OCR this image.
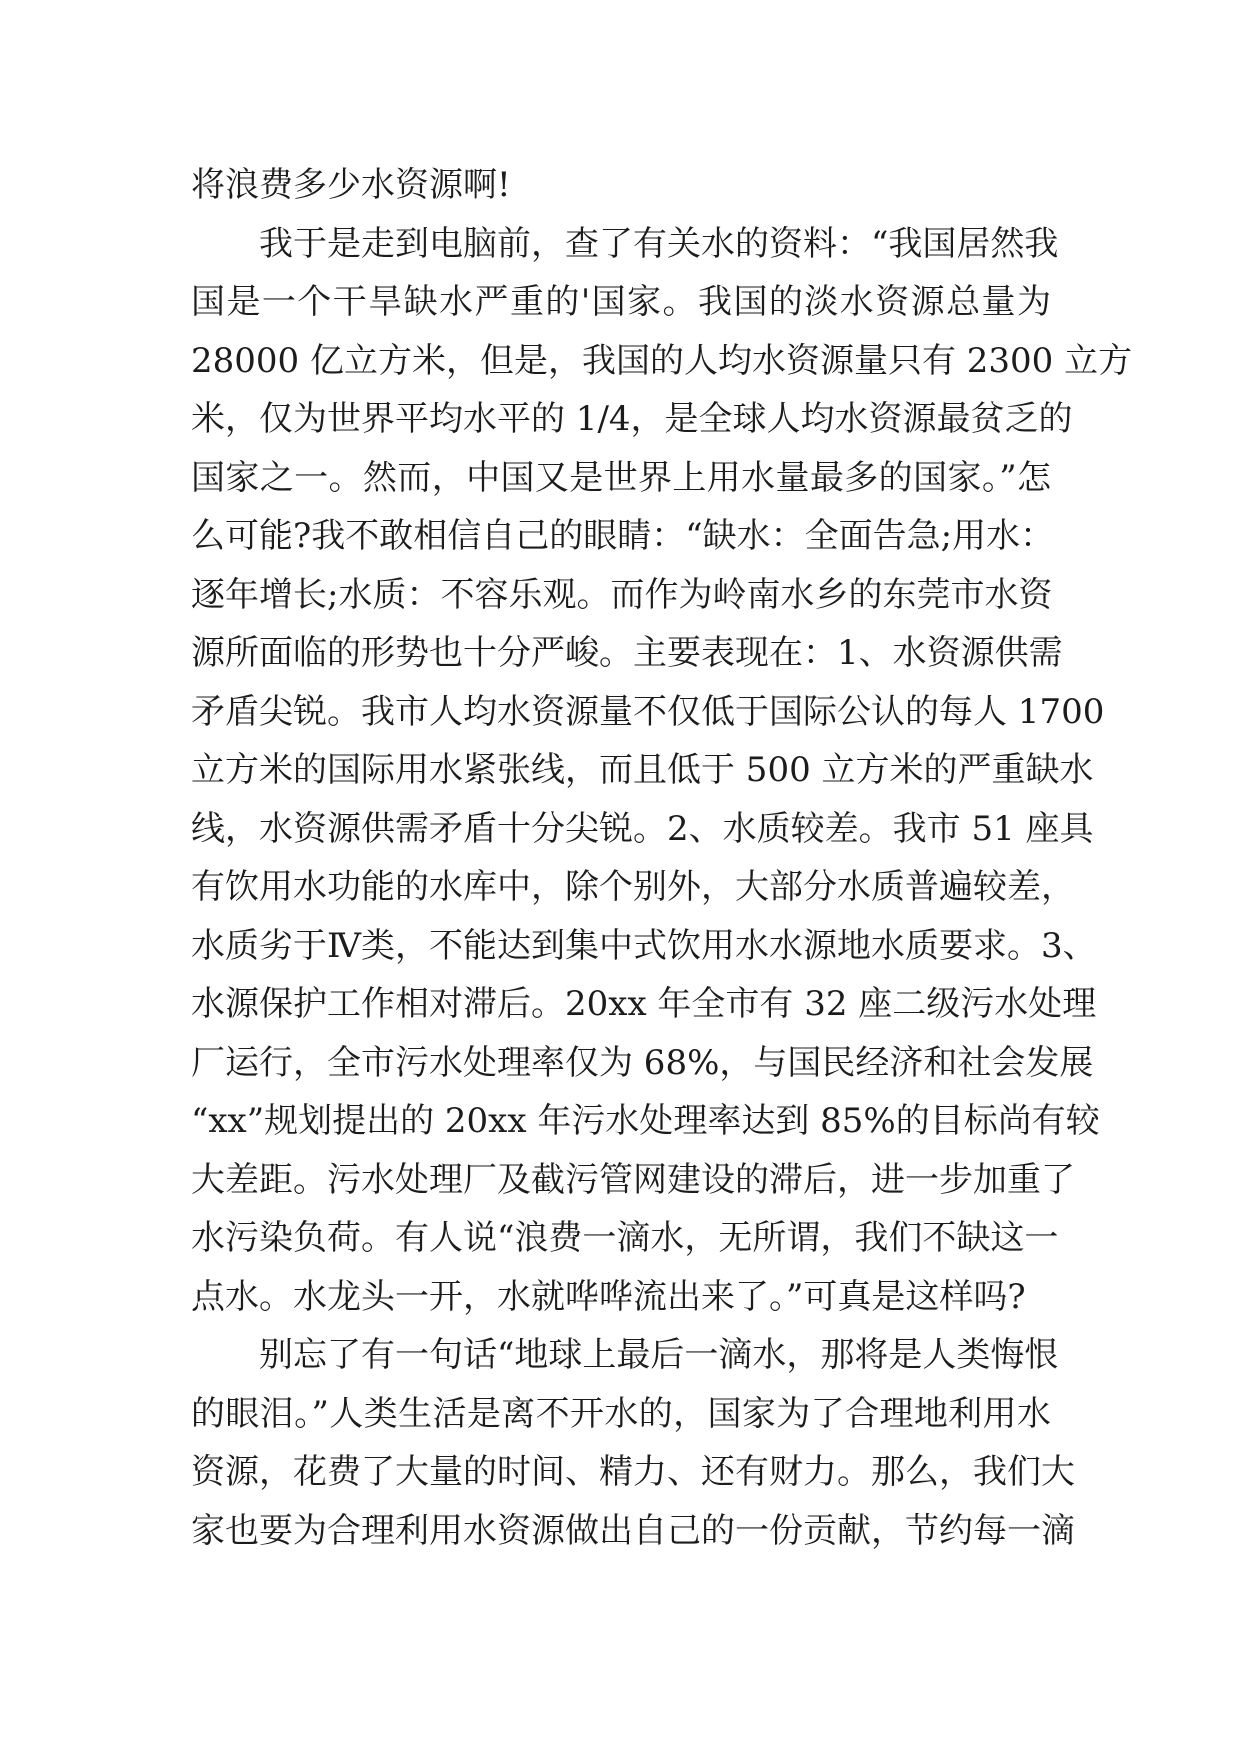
将浪费多少水资源啊!
我于是走到电脑前，查了有关水的资料：“我国居然我
国是一个干旱缺水严重的'国家。我国的淡水资源总量为
28000 亿立方米，但是，我国的人均水资源量只有 2300 立方
米，仅为世界平均水平的 1/4，是全球人均水资源最贫乏的
国家之一。然而，中国又是世界上用水量最多的国家。”怎
么可能?我不敢相信自己的眼睛：“缺水：全面告急;用水：
逐年增长;水质：不容乐观。而作为岭南水乡的东莞市水资
源所面临的形势也十分严峻。主要表现在：1、水资源供需
矛盾尖锐。我市人均水资源量不仅低于国际公认的每人 1700
立方米的国际用水紧张线，而且低于 500 立方米的严重缺水
线，水资源供需矛盾十分尖锐。2、水质较差。我市 51 座具
有饮用水功能的水库中，除个别外，大部分水质普遍较差，
水质劣于Ⅳ类，不能达到集中式饮用水水源地水质要求。3、
水源保护工作相对滞后。20xx 年全市有 32 座二级污水处理
厂运行，全市污水处理率仅为 68%，与国民经济和社会发展
“xx”规划提出的 20xx 年污水处理率达到 85%的目标尚有较
大差距。污水处理厂及截污管网建设的滞后，进一步加重了
水污染负荷。有人说“浪费一滴水，无所谓，我们不缺这一
点水。水龙头一开，水就哗哗流出来了。”可真是这样吗?
别忘了有一句话“地球上最后一滴水，那将是人类悔恨
的眼泪。”人类生活是离不开水的，国家为了合理地利用水
资源，花费了大量的时间、精力、还有财力。那么，我们大
家也要为合理利用水资源做出自己的一份贡献，节约每一滴
